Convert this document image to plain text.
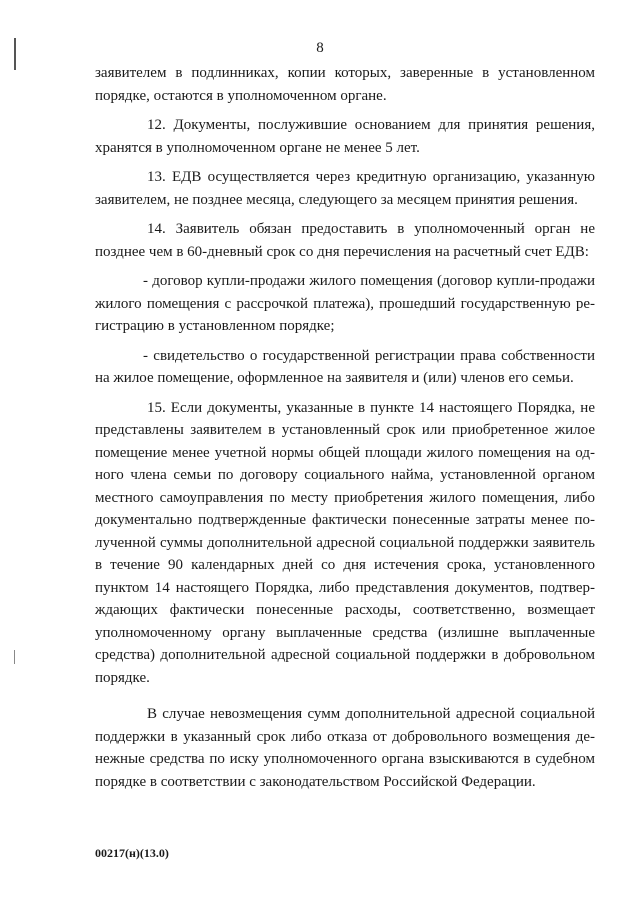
8

заявителем в подлинниках, копии которых, заверенные в установленном порядке, остаются в уполномоченном органе.

12. Документы, послужившие основанием для принятия решения, хранятся в уполномоченном органе не менее 5 лет.

13. ЕДВ осуществляется через кредитную организацию, указанную заявителем, не позднее месяца, следующего за месяцем принятия решения.

14. Заявитель обязан предоставить в уполномоченный орган не позднее чем в 60-дневный срок со дня перечисления на расчетный счет ЕДВ:

- договор купли-продажи жилого помещения (договор купли-продажи жилого помещения с рассрочкой платежа), прошедший государственную регистрацию в установленном порядке;

- свидетельство о государственной регистрации права собственности на жилое помещение, оформленное на заявителя и (или) членов его семьи.

15. Если документы, указанные в пункте 14 настоящего Порядка, не представлены заявителем в установленный срок или приобретенное жилое помещение менее учетной нормы общей площади жилого помещения на одного члена семьи по договору социального найма, установленной органом местного самоуправления по месту приобретения жилого помещения, либо документально подтвержденные фактически понесенные затраты менее полученной суммы дополнительной адресной социальной поддержки заявитель в течение 90 календарных дней со дня истечения срока, установленного пунктом 14 настоящего Порядка, либо представления документов, подтверждающих фактически понесенные расходы, соответственно, возмещает уполномоченному органу выплаченные средства (излишне выплаченные средства) дополнительной адресной социальной поддержки в добровольном порядке.

В случае невозмещения сумм дополнительной адресной социальной поддержки в указанный срок либо отказа от добровольного возмещения денежные средства по иску уполномоченного органа взыскиваются в судебном порядке в соответствии с законодательством Российской Федерации.

00217(н)(13.0)
